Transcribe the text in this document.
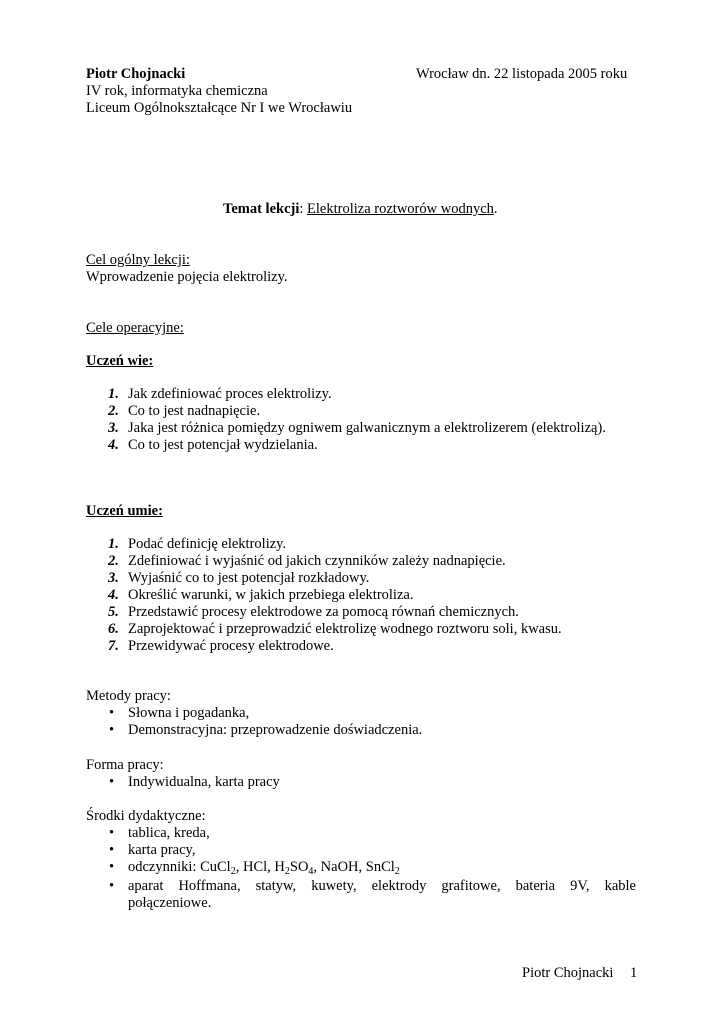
Piotr Chojnacki	Wrocław dn. 22 listopada 2005 roku
IV rok, informatyka chemiczna
Liceum Ogólnokształcące Nr I we Wrocławiu
Temat lekcji: Elektroliza roztworów wodnych.
Cel ogólny lekcji:
Wprowadzenie pojęcia elektrolizy.
Cele operacyjne:
Uczeń wie:
1. Jak zdefiniować proces elektrolizy.
2. Co to jest nadnapięcie.
3. Jaka jest różnica pomiędzy ogniwem galwanicznym a elektrolizerem (elektrolizą).
4. Co to jest potencjał wydzielania.
Uczeń umie:
1. Podać definicję elektrolizy.
2. Zdefiniować i wyjaśnić od jakich czynników zależy nadnapięcie.
3. Wyjaśnić co to jest potencjał rozkładowy.
4. Określić warunki, w jakich przebiega elektroliza.
5. Przedstawić procesy elektrodowe za pomocą równań chemicznych.
6. Zaprojektować i przeprowadzić elektrolizę wodnego roztworu soli, kwasu.
7. Przewidywać procesy elektrodowe.
Metody pracy:
• Słowna i pogadanka,
• Demonstracyjna: przeprowadzenie doświadczenia.
Forma pracy:
• Indywidualna, karta pracy
Środki dydaktyczne:
• tablica, kreda,
• karta pracy,
• odczynniki: CuCl$_2$, HCl, $H_2SO_4$, NaOH, SnCl$_2$
• aparat Hoffmana, statyw, kuwety, elektrody grafitowe, bateria 9V, kable
połączeniowe.
Piotr Chojnacki 1
